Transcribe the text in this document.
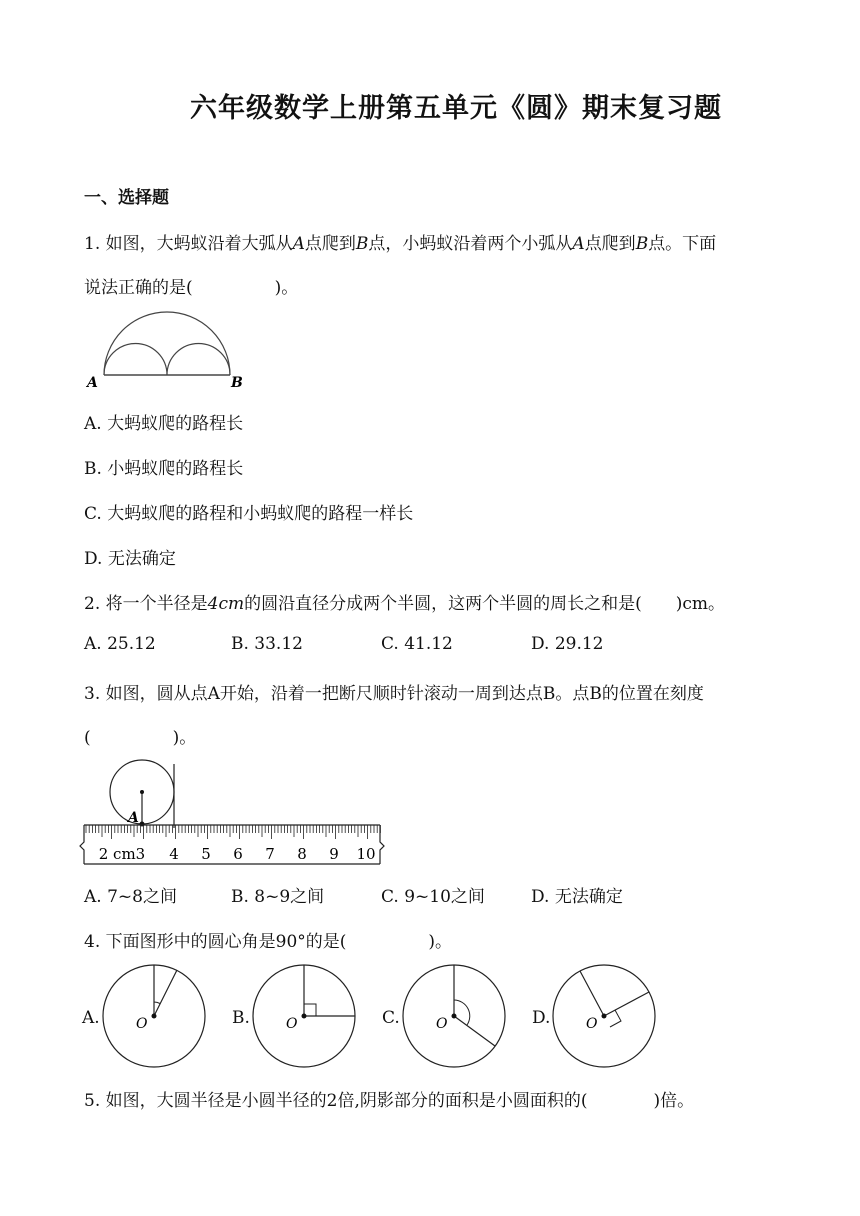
六年级数学上册第五单元《圆》期末复习题
一、选择题
1. 如图，大蚂蚁沿着大弧从A点爬到B点，小蚂蚁沿着两个小弧从A点爬到B点。下面
说法正确的是(	)。
A	B
A. 大蚂蚁爬的路程长
B. 小蚂蚁爬的路程长
C. 大蚂蚁爬的路程和小蚂蚁爬的路程一样长
D. 无法确定
2. 将一个半径是4cm的圆沿直径分成两个半圆，这两个半圆的周长之和是( )cm。
A. 25.12	B. 33.12	C. 41.12	D. 29.12
3. 如图，圆从点A开始，沿着一把断尺顺时针滚动一周到达点B。点B的位置在刻度
(	)。
A
2 cm3 4 5 6 7 8 9 10
A. 7~8之间	B. 8~9之间	C. 9~10之间	D. 无法确定
4. 下面图形中的圆心角是90°的是(	)。
A.	O	B.	O	C.	O	D.	O
5. 如图，大圆半径是小圆半径的2倍,阴影部分的面积是小圆面积的(	)倍。
